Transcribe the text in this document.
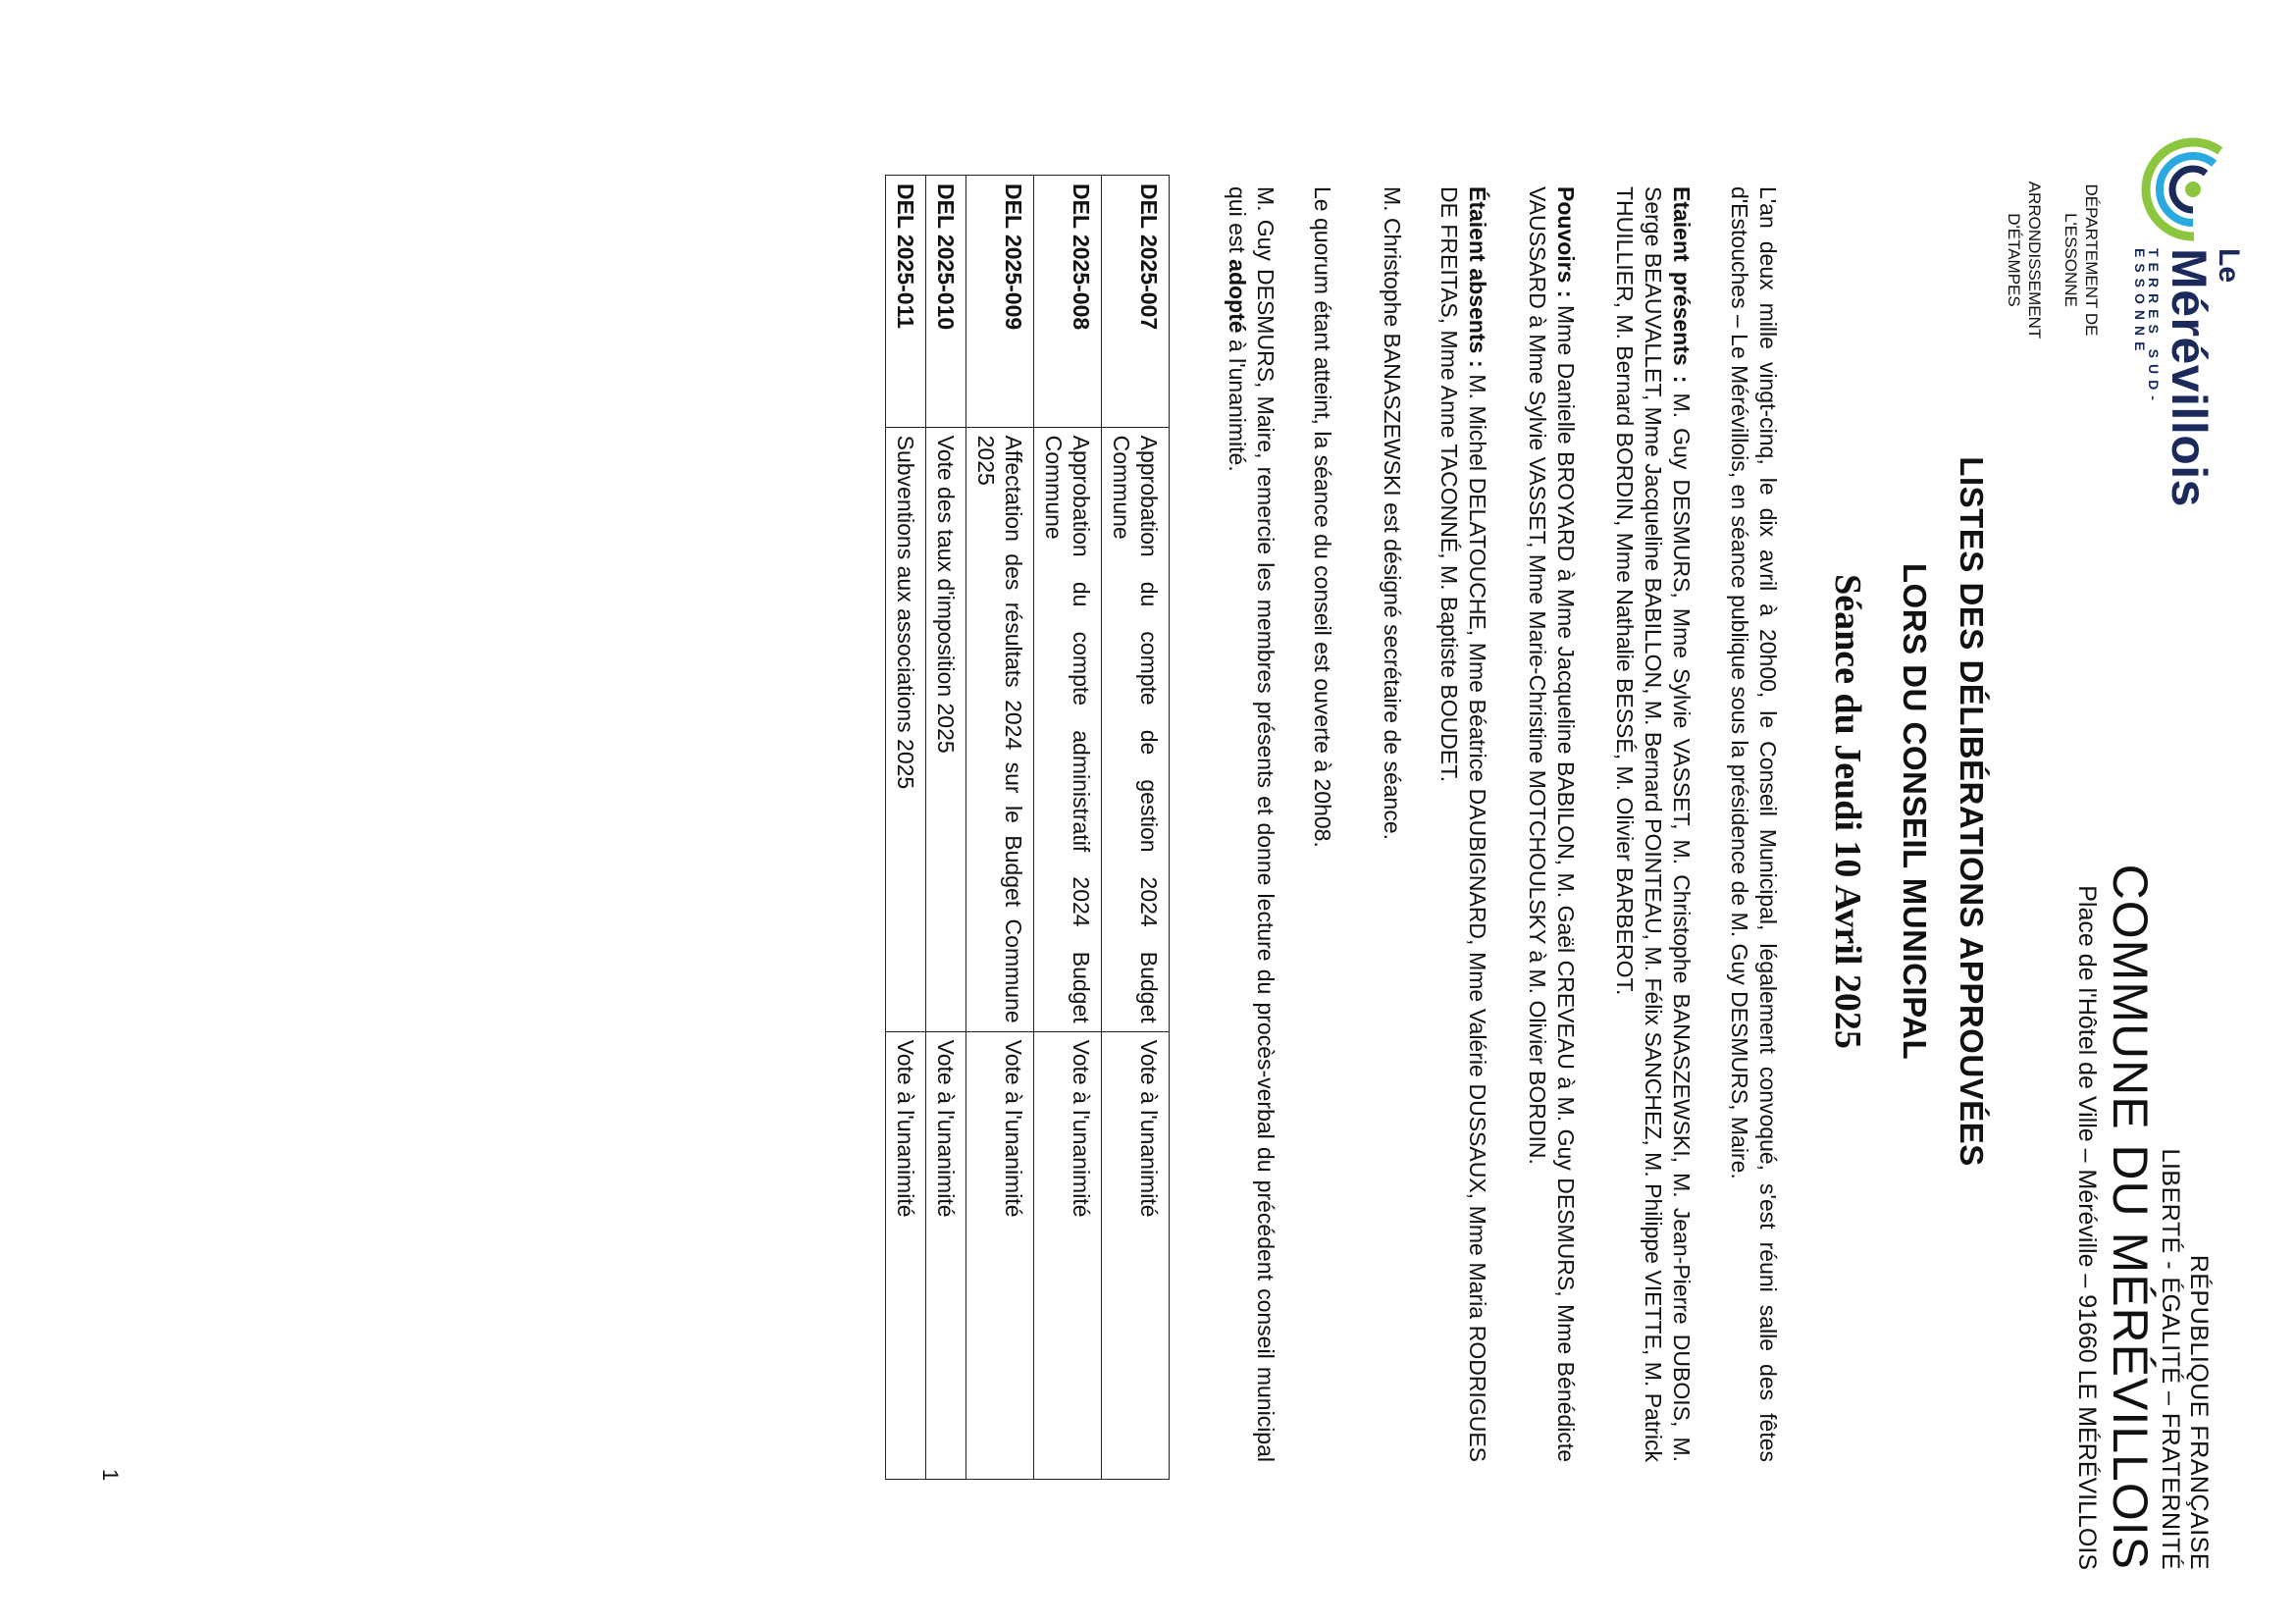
Le
Mérévillois
TERRES SUD-ESSONNE
DÉPARTEMENT DE L'ESSONNE
ARRONDISSEMENT D'ÉTAMPES
RÉPUBLIQUE FRANÇAISE
LIBERTÉ - ÉGALITÉ – FRATERNITÉ
COMMUNE DU MÉRÉVILLOIS
Place de l'Hôtel de Ville – Méréville – 91660 LE MÉRÉVILLOIS
LISTES DES DÉLIBÉRATIONS APPROUVÉES
LORS DU CONSEIL MUNICIPAL
Séance du Jeudi 10 Avril 2025
L'an deux mille vingt-cinq, le dix avril à 20h00, le Conseil Municipal, légalement convoqué, s'est réuni salle des fêtes d'Estouches – Le Mérévillois, en séance publique sous la présidence de M. Guy DESMURS, Maire.
Etaient présents : M. Guy DESMURS, Mme Sylvie VASSET, M. Christophe BANASZEWSKI, M. Jean-Pierre DUBOIS, M. Serge BEAUVALLET, Mme Jacqueline BABILLON, M. Bernard POINTEAU, M. Félix SANCHEZ, M. Philippe VIETTE, M. Patrick THUILLIER, M. Bernard BORDIN, Mme Nathalie BESSÉ, M. Olivier BARBEROT.
Pouvoirs : Mme Danielle BROYARD à Mme Jacqueline BABILON, M. Gaël CREVEAU à M. Guy DESMURS, Mme Bénédicte VAUSSARD à Mme Sylvie VASSET, Mme Marie-Christine MOTCHOULSKY à M. Olivier BORDIN.
Étaient absents : M. Michel DELATOUCHE, Mme Béatrice DAUBIGNARD, Mme Valérie DUSSAUX, Mme Maria RODRIGUES DE FREITAS, Mme Anne TACONNÉ, M. Baptiste BOUDET.
M. Christophe BANASZEWSKI est désigné secrétaire de séance.
Le quorum étant atteint, la séance du conseil est ouverte à 20h08.
M. Guy DESMURS, Maire, remercie les membres présents et donne lecture du procès-verbal du précédent conseil municipal qui est adopté à l'unanimité.
DEL 2025-007	Approbation du compte de gestion 2024 Budget Commune	Vote à l'unanimité
DEL 2025-008	Approbation du compte administratif 2024 Budget Commune	Vote à l'unanimité
DEL 2025-009	Affectation des résultats 2024 sur le Budget Commune 2025	Vote à l'unanimité
DEL 2025-010	Vote des taux d'imposition 2025	Vote à l'unanimité
DEL 2025-011	Subventions aux associations 2025	Vote à l'unanimité
1
